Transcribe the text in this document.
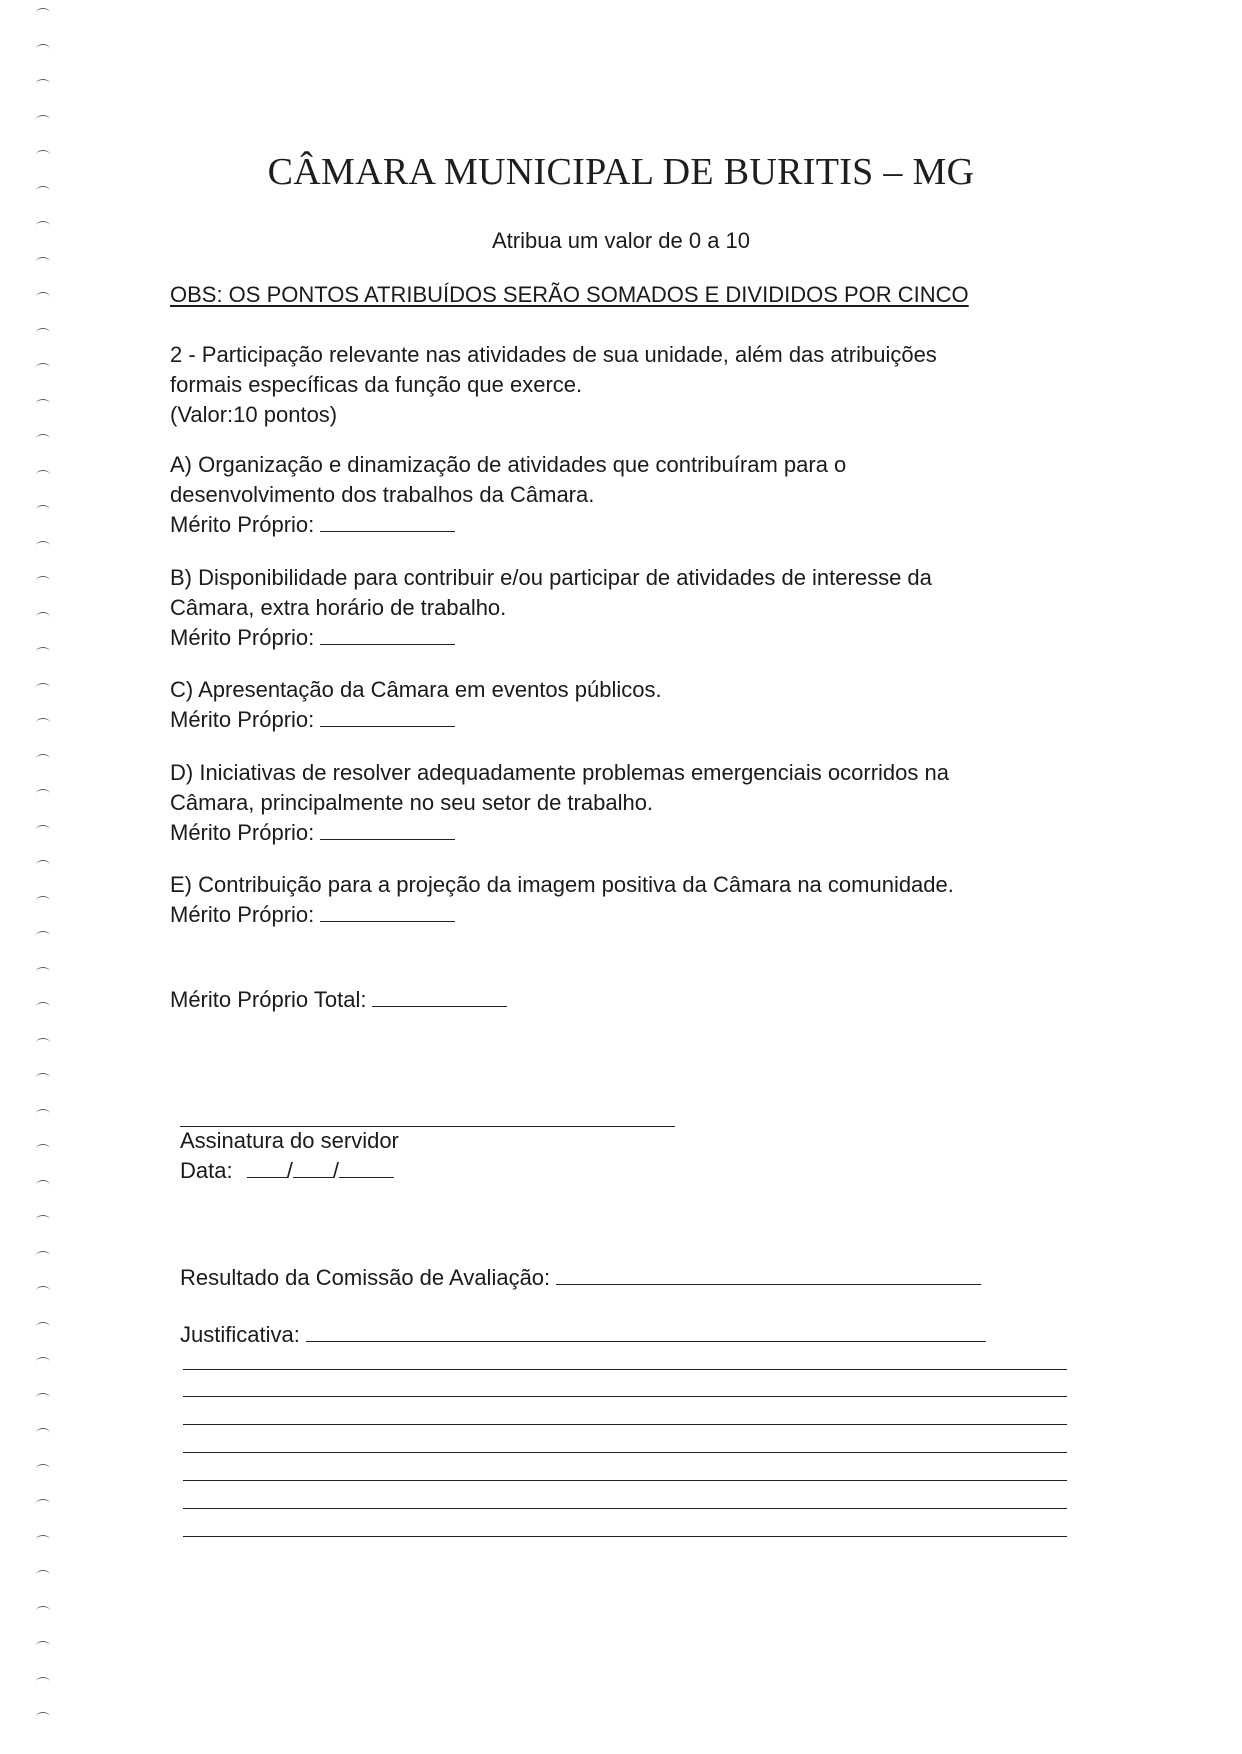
CÂMARA MUNICIPAL DE BURITIS – MG
Atribua um valor de 0 a 10
OBS: OS PONTOS ATRIBUÍDOS SERÃO SOMADOS E DIVIDIDOS POR CINCO

2 - Participação relevante nas atividades de sua unidade, além das atribuições

formais específicas da função que exerce.

(Valor:10 pontos)

A) Organização e dinamização de atividades que contribuíram para o

desenvolvimento dos trabalhos da Câmara.

Mérito Próprio:

B) Disponibilidade para contribuir e/ou participar de atividades de interesse da

Câmara, extra horário de trabalho.

Mérito Próprio:

C) Apresentação da Câmara em eventos públicos.

Mérito Próprio:

D) Iniciativas de resolver adequadamente problemas emergenciais ocorridos na

Câmara, principalmente no seu setor de trabalho.

Mérito Próprio:

E) Contribuição para a projeção da imagem positiva da Câmara na comunidade.

Mérito Próprio:

Mérito Próprio Total:

Assinatura do servidor

Data: / /

Resultado da Comissão de Avaliação:

Justificativa:
